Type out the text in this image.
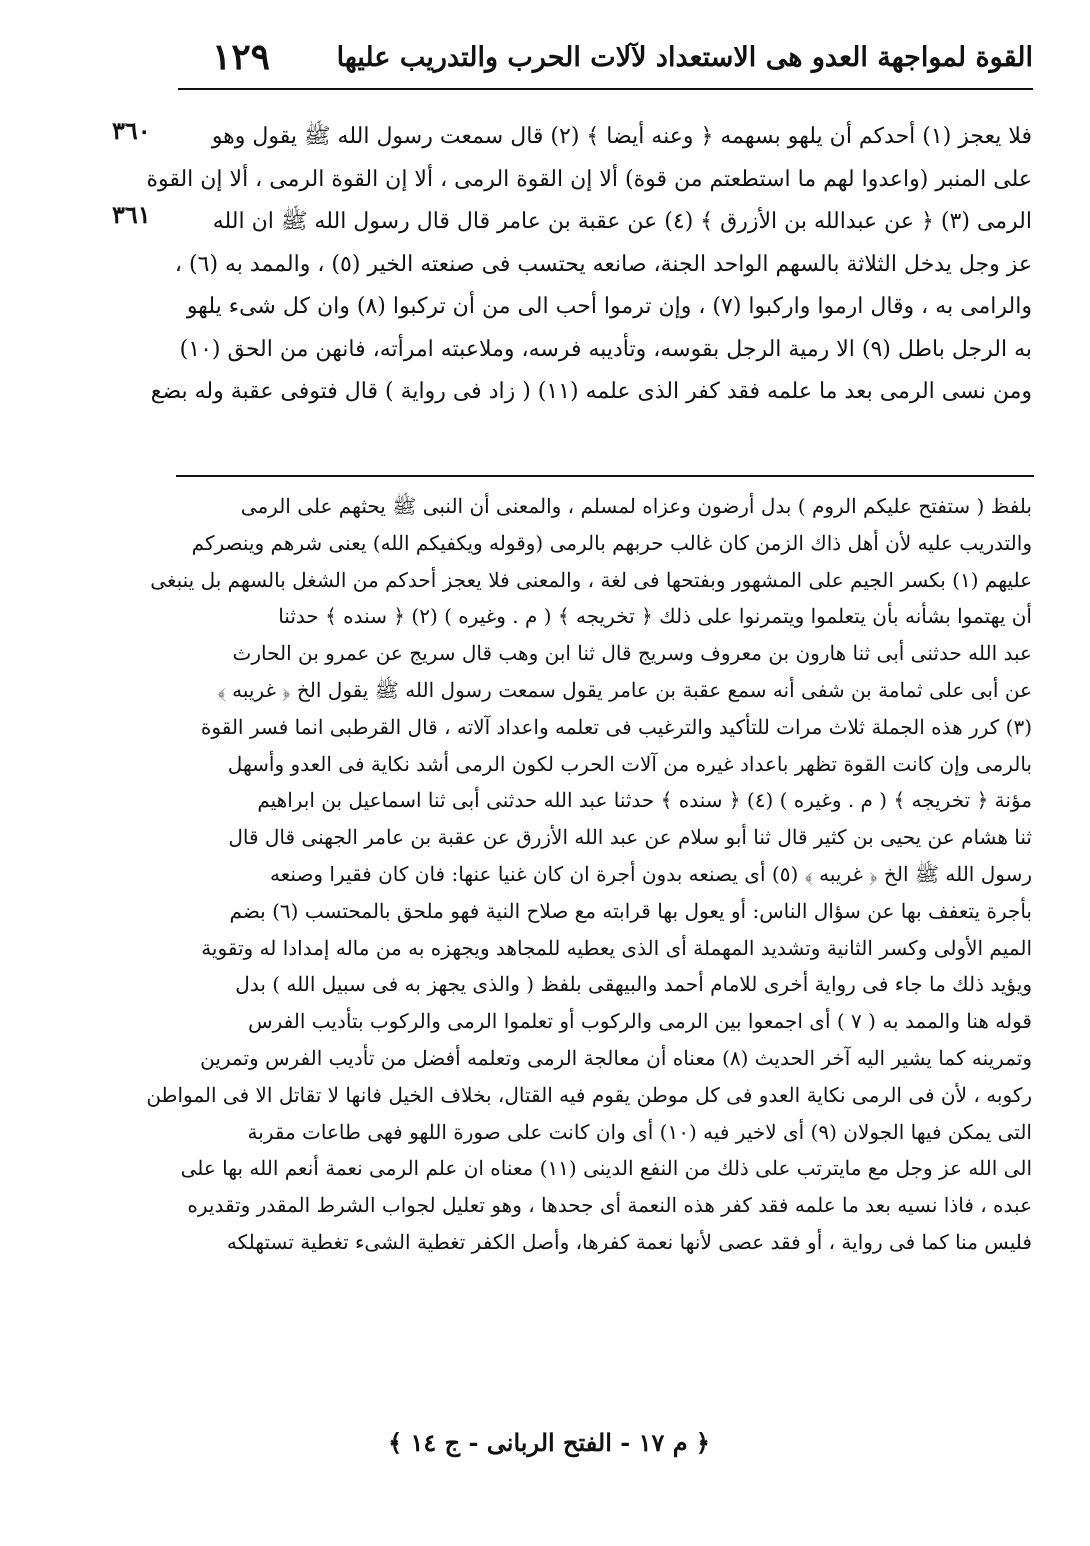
القوة لمواجهة العدو هى الاستعداد لآلات الحرب والتدريب عليها
١٢٩
٣٦٠
٣٦١
فلا يعجز (١) أحدكم أن يلهو بسهمه ﴿ وعنه أيضا ﴾ (٢) قال سمعت رسول الله ﷺ يقول وهو
على المنبر (واعدوا لهم ما استطعتم من قوة) ألا إن القوة الرمى ، ألا إن القوة الرمى ، ألا إن القوة
الرمى (٣) ﴿ عن عبدالله بن الأزرق ﴾ (٤) عن عقبة بن عامر قال قال رسول الله ﷺ ان الله
عز وجل يدخل الثلاثة بالسهم الواحد الجنة، صانعه يحتسب فى صنعته الخير (٥) ، والممد به (٦) ،
والرامى به ، وقال ارموا واركبوا (٧) ، وإن ترموا أحب الى من أن تركبوا (٨) وان كل شىء يلهو
به الرجل باطل (٩) الا رمية الرجل بقوسه، وتأديبه فرسه، وملاعبته امرأته، فانهن من الحق (١٠)
ومن نسى الرمى بعد ما علمه فقد كفر الذى علمه (١١) ( زاد فى رواية ) قال فتوفى عقبة وله بضع
بلفظ ( ستفتح عليكم الروم ) بدل أرضون وعزاه لمسلم ، والمعنى أن النبى ﷺ يحثهم على الرمى
والتدريب عليه لأن أهل ذاك الزمن كان غالب حربهم بالرمى (وقوله ويكفيكم الله) يعنى شرهم وينصركم
عليهم (١) بكسر الجيم على المشهور وبفتحها فى لغة ، والمعنى فلا يعجز أحدكم من الشغل بالسهم بل ينبغى
أن يهتموا بشأنه بأن يتعلموا ويتمرنوا على ذلك ﴿ تخريجه ﴾ ( م . وغيره ) (٢) ﴿ سنده ﴾ حدثنا
عبد الله حدثنى أبى ثنا هارون بن معروف وسريج قال ثنا ابن وهب قال سريج عن عمرو بن الحارث
عن أبى على ثمامة بن شفى أنه سمع عقبة بن عامر يقول سمعت رسول الله ﷺ يقول الخ ﴿ غريبه ﴾
(٣) كرر هذه الجملة ثلاث مرات للتأكيد والترغيب فى تعلمه واعداد آلاته ، قال القرطبى انما فسر القوة
بالرمى وإن كانت القوة تظهر باعداد غيره من آلات الحرب لكون الرمى أشد نكاية فى العدو وأسهل
مؤنة ﴿ تخريجه ﴾ ( م . وغيره ) (٤) ﴿ سنده ﴾ حدثنا عبد الله حدثنى أبى ثنا اسماعيل بن ابراهيم
ثنا هشام عن يحيى بن كثير قال ثنا أبو سلام عن عبد الله الأزرق عن عقبة بن عامر الجهنى قال قال
رسول الله ﷺ الخ ﴿ غريبه ﴾ (٥) أى يصنعه بدون أجرة ان كان غنيا عنها: فان كان فقيرا وصنعه
بأجرة يتعفف بها عن سؤال الناس: أو يعول بها قرابته مع صلاح النية فهو ملحق بالمحتسب (٦) بضم
الميم الأولى وكسر الثانية وتشديد المهملة أى الذى يعطيه للمجاهد ويجهزه به من ماله إمدادا له وتقوية
ويؤيد ذلك ما جاء فى رواية أخرى للامام أحمد والبيهقى بلفظ ( والذى يجهز به فى سبيل الله ) بدل
قوله هنا والممد به ( ٧ ) أى اجمعوا بين الرمى والركوب أو تعلموا الرمى والركوب بتأديب الفرس
وتمرينه كما يشير اليه آخر الحديث (٨) معناه أن معالجة الرمى وتعلمه أفضل من تأديب الفرس وتمرين
ركوبه ، لأن فى الرمى نكاية العدو فى كل موطن يقوم فيه القتال، بخلاف الخيل فانها لا تقاتل الا فى المواطن
التى يمكن فيها الجولان (٩) أى لاخير فيه (١٠) أى وان كانت على صورة اللهو فهى طاعات مقربة
الى الله عز وجل مع مايترتب على ذلك من النفع الدينى (١١) معناه ان علم الرمى نعمة أنعم الله بها على
عبده ، فاذا نسيه بعد ما علمه فقد كفر هذه النعمة أى جحدها ، وهو تعليل لجواب الشرط المقدر وتقديره
فليس منا كما فى رواية ، أو فقد عصى لأنها نعمة كفرها، وأصل الكفر تغطية الشىء تغطية تستهلكه
﴿ م ١٧ - الفتح الربانى - ج ١٤ ﴾
